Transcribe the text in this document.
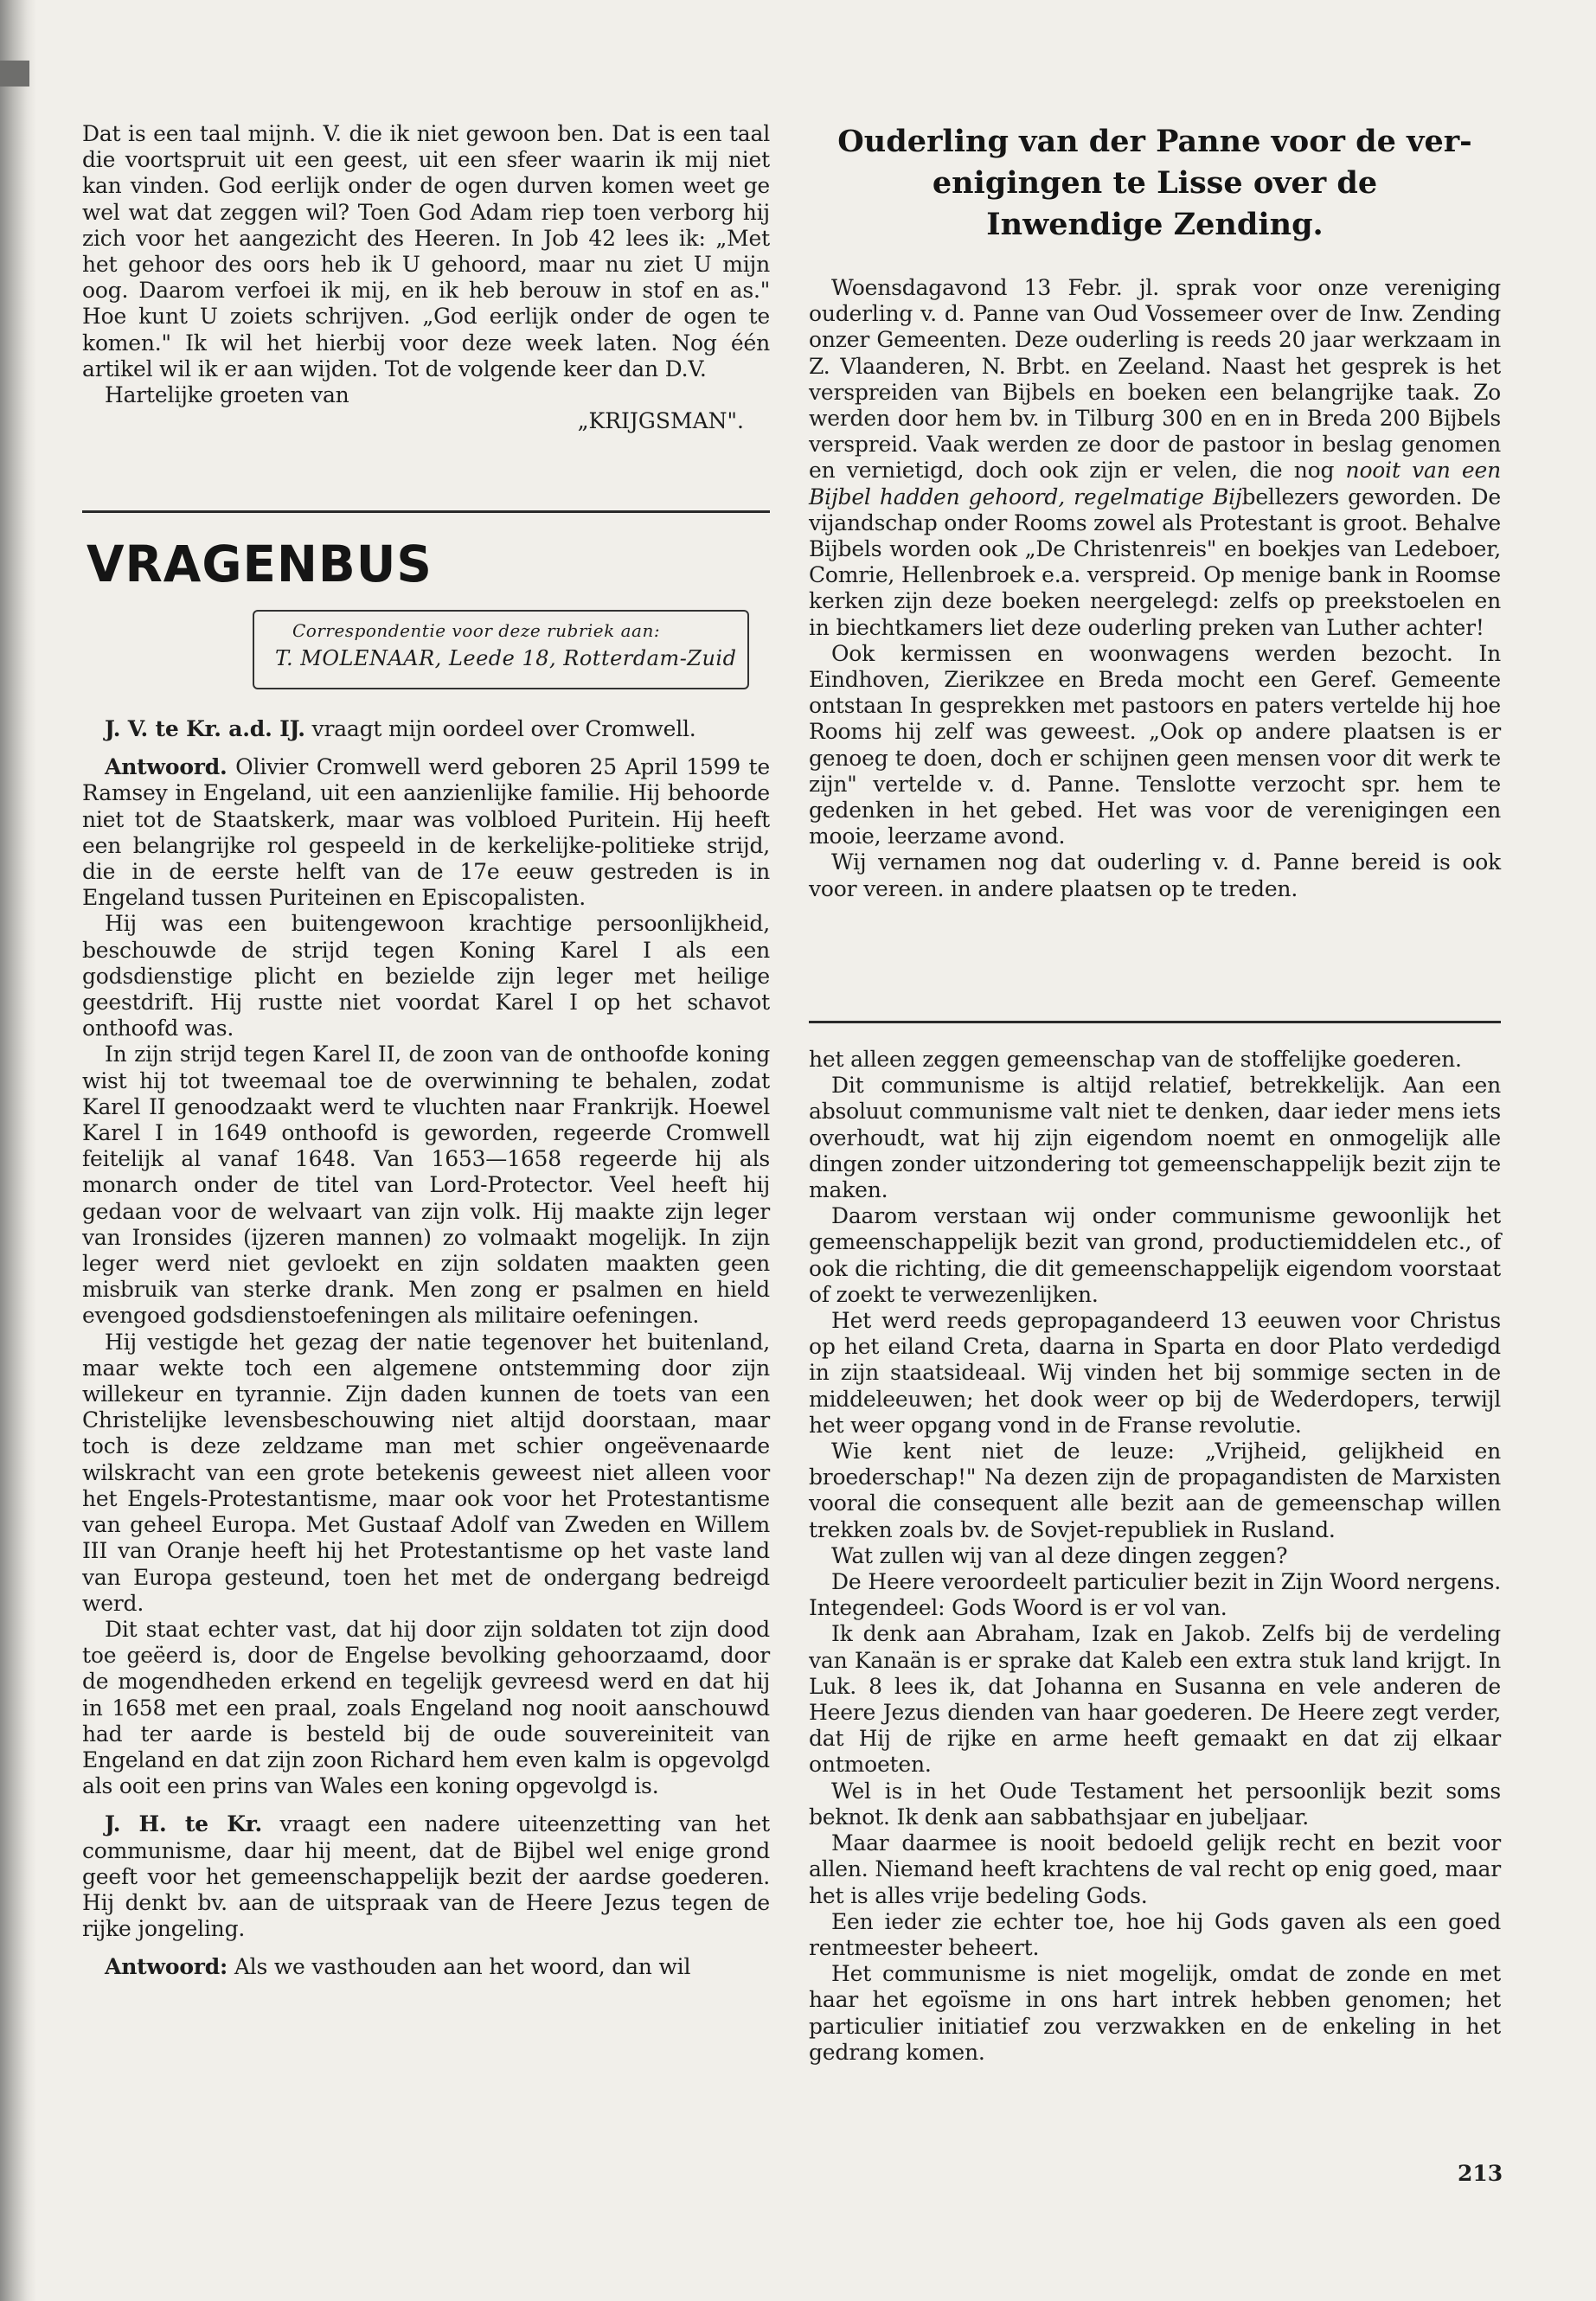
Dat is een taal mijnh. V. die ik niet gewoon ben. Dat is een taal die voortspruit uit een geest, uit een sfeer waarin ik mij niet kan vinden. God eerlijk onder de ogen durven komen weet ge wel wat dat zeggen wil? Toen God Adam riep toen verborg hij zich voor het aangezicht des Heeren. In Job 42 lees ik: „Met het gehoor des oors heb ik U gehoord, maar nu ziet U mijn oog. Daarom verfoei ik mij, en ik heb berouw in stof en as." Hoe kunt U zoiets schrijven. „God eerlijk onder de ogen te komen." Ik wil het hierbij voor deze week laten. Nog één artikel wil ik er aan wijden. Tot de volgende keer dan D.V.

Hartelijke groeten van

„KRIJGSMAN".
VRAGENBUS
Correspondentie voor deze rubriek aan:
T. MOLENAAR, Leede 18, Rotterdam-Zuid

J. V. te Kr. a.d. IJ. vraagt mijn oordeel over Cromwell.

Antwoord. Olivier Cromwell werd geboren 25 April 1599 te Ramsey in Engeland, uit een aanzienlijke familie. Hij behoorde niet tot de Staatskerk, maar was volbloed Puritein. Hij heeft een belangrijke rol gespeeld in de kerkelijke-politieke strijd, die in de eerste helft van de 17e eeuw gestreden is in Engeland tussen Puriteinen en Episcopalisten.

Hij was een buitengewoon krachtige persoonlijkheid, beschouwde de strijd tegen Koning Karel I als een godsdienstige plicht en bezielde zijn leger met heilige geestdrift. Hij rustte niet voordat Karel I op het schavot onthoofd was.

In zijn strijd tegen Karel II, de zoon van de onthoofde koning wist hij tot tweemaal toe de overwinning te behalen, zodat Karel II genoodzaakt werd te vluchten naar Frankrijk. Hoewel Karel I in 1649 onthoofd is geworden, regeerde Cromwell feitelijk al vanaf 1648. Van 1653—1658 regeerde hij als monarch onder de titel van Lord-Protector. Veel heeft hij gedaan voor de welvaart van zijn volk. Hij maakte zijn leger van Ironsides (ijzeren mannen) zo volmaakt mogelijk. In zijn leger werd niet gevloekt en zijn soldaten maakten geen misbruik van sterke drank. Men zong er psalmen en hield evengoed godsdienstoefeningen als militaire oefeningen.

Hij vestigde het gezag der natie tegenover het buitenland, maar wekte toch een algemene ontstemming door zijn willekeur en tyrannie. Zijn daden kunnen de toets van een Christelijke levensbeschouwing niet altijd doorstaan, maar toch is deze zeldzame man met schier ongeëvenaarde wilskracht van een grote betekenis geweest niet alleen voor het Engels-Protestantisme, maar ook voor het Protestantisme van geheel Europa. Met Gustaaf Adolf van Zweden en Willem III van Oranje heeft hij het Protestantisme op het vaste land van Europa gesteund, toen het met de ondergang bedreigd werd.

Dit staat echter vast, dat hij door zijn soldaten tot zijn dood toe geëerd is, door de Engelse bevolking gehoorzaamd, door de mogendheden erkend en tegelijk gevreesd werd en dat hij in 1658 met een praal, zoals Engeland nog nooit aanschouwd had ter aarde is besteld bij de oude souvereiniteit van Engeland en dat zijn zoon Richard hem even kalm is opgevolgd als ooit een prins van Wales een koning opgevolgd is.

J. H. te Kr. vraagt een nadere uiteenzetting van het communisme, daar hij meent, dat de Bijbel wel enige grond geeft voor het gemeenschappelijk bezit der aardse goederen. Hij denkt bv. aan de uitspraak van de Heere Jezus tegen de rijke jongeling.

Antwoord: Als we vasthouden aan het woord, dan wil

Ouderling van der Panne voor de ver-
enigingen te Lisse over de
Inwendige Zending.

Woensdagavond 13 Febr. jl. sprak voor onze vereniging ouderling v. d. Panne van Oud Vossemeer over de Inw. Zending onzer Gemeenten. Deze ouderling is reeds 20 jaar werkzaam in Z. Vlaanderen, N. Brbt. en Zeeland. Naast het gesprek is het verspreiden van Bijbels en boeken een belangrijke taak. Zo werden door hem bv. in Tilburg 300 en en in Breda 200 Bijbels verspreid. Vaak werden ze door de pastoor in beslag genomen en vernietigd, doch ook zijn er velen, die nog nooit van een Bijbel hadden gehoord, regelmatige Bijbellezers geworden. De vijandschap onder Rooms zowel als Protestant is groot. Behalve Bijbels worden ook „De Christenreis" en boekjes van Ledeboer, Comrie, Hellenbroek e.a. verspreid. Op menige bank in Roomse kerken zijn deze boeken neergelegd: zelfs op preekstoelen en in biechtkamers liet deze ouderling preken van Luther achter!

Ook kermissen en woonwagens werden bezocht. In Eindhoven, Zierikzee en Breda mocht een Geref. Gemeente ontstaan In gesprekken met pastoors en paters vertelde hij hoe Rooms hij zelf was geweest. „Ook op andere plaatsen is er genoeg te doen, doch er schijnen geen mensen voor dit werk te zijn" vertelde v. d. Panne. Tenslotte verzocht spr. hem te gedenken in het gebed. Het was voor de verenigingen een mooie, leerzame avond.

Wij vernamen nog dat ouderling v. d. Panne bereid is ook voor vereen. in andere plaatsen op te treden.

het alleen zeggen gemeenschap van de stoffelijke goederen.

Dit communisme is altijd relatief, betrekkelijk. Aan een absoluut communisme valt niet te denken, daar ieder mens iets overhoudt, wat hij zijn eigendom noemt en onmogelijk alle dingen zonder uitzondering tot gemeenschappelijk bezit zijn te maken.

Daarom verstaan wij onder communisme gewoonlijk het gemeenschappelijk bezit van grond, productiemiddelen etc., of ook die richting, die dit gemeenschappelijk eigendom voorstaat of zoekt te verwezenlijken.

Het werd reeds gepropagandeerd 13 eeuwen voor Christus op het eiland Creta, daarna in Sparta en door Plato verdedigd in zijn staatsideaal. Wij vinden het bij sommige secten in de middeleeuwen; het dook weer op bij de Wederdopers, terwijl het weer opgang vond in de Franse revolutie.

Wie kent niet de leuze: „Vrijheid, gelijkheid en broederschap!" Na dezen zijn de propagandisten de Marxisten vooral die consequent alle bezit aan de gemeenschap willen trekken zoals bv. de Sovjet-republiek in Rusland.

Wat zullen wij van al deze dingen zeggen?

De Heere veroordeelt particulier bezit in Zijn Woord nergens. Integendeel: Gods Woord is er vol van.

Ik denk aan Abraham, Izak en Jakob. Zelfs bij de verdeling van Kanaän is er sprake dat Kaleb een extra stuk land krijgt. In Luk. 8 lees ik, dat Johanna en Susanna en vele anderen de Heere Jezus dienden van haar goederen. De Heere zegt verder, dat Hij de rijke en arme heeft gemaakt en dat zij elkaar ontmoeten.

Wel is in het Oude Testament het persoonlijk bezit soms beknot. Ik denk aan sabbathsjaar en jubeljaar.

Maar daarmee is nooit bedoeld gelijk recht en bezit voor allen. Niemand heeft krachtens de val recht op enig goed, maar het is alles vrije bedeling Gods.

Een ieder zie echter toe, hoe hij Gods gaven als een goed rentmeester beheert.

Het communisme is niet mogelijk, omdat de zonde en met haar het egoïsme in ons hart intrek hebben genomen; het particulier initiatief zou verzwakken en de enkeling in het gedrang komen.

213
